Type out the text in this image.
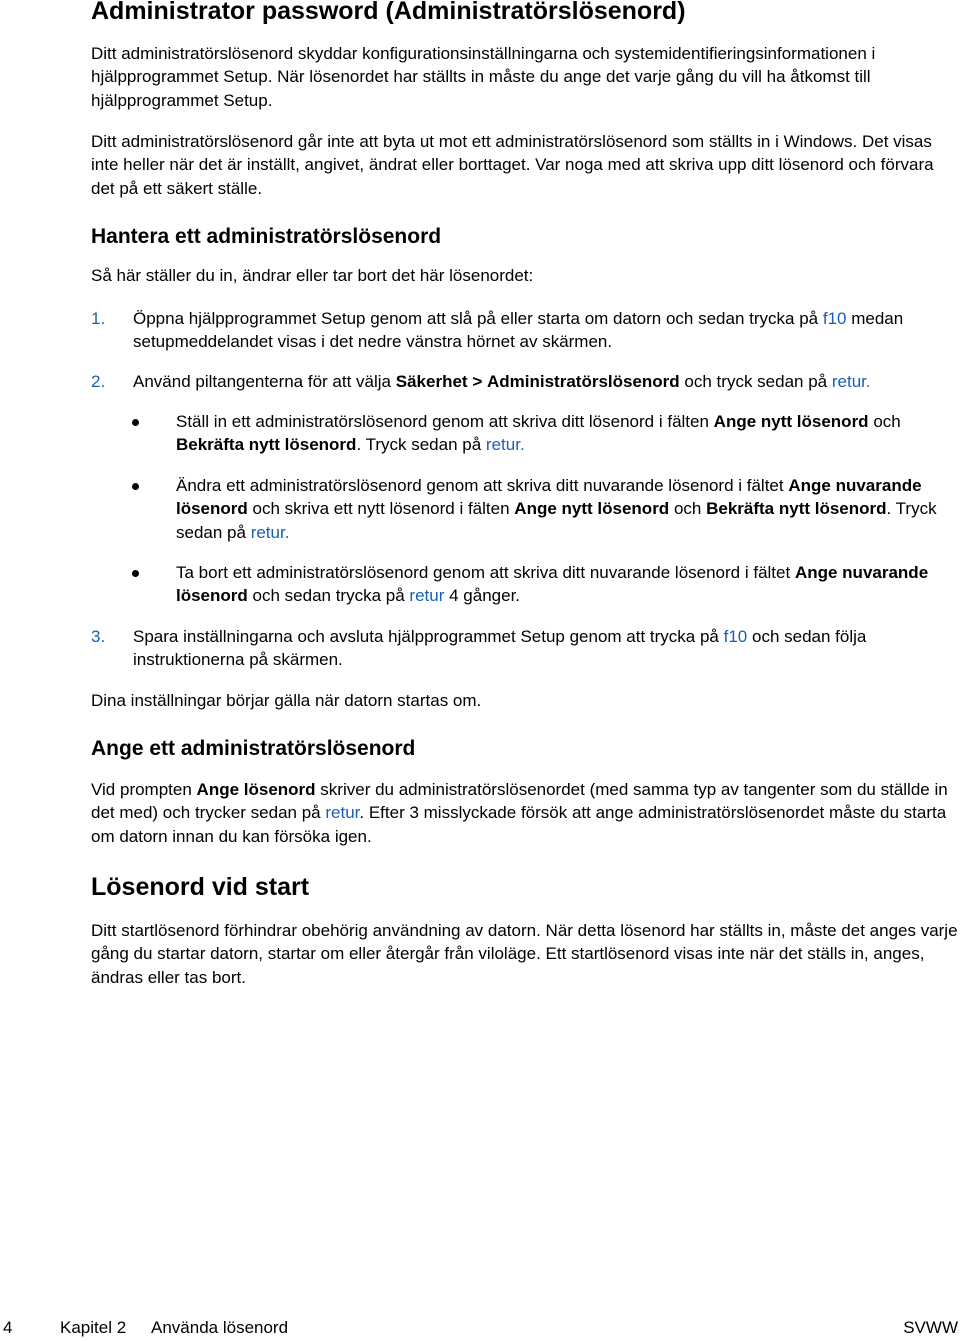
Administrator password (Administratörslösenord)

Ditt administratörslösenord skyddar konfigurationsinställningarna och systemidentifieringsinformationen i hjälpprogrammet Setup. När lösenordet har ställts in måste du ange det varje gång du vill ha åtkomst till hjälpprogrammet Setup.

Ditt administratörslösenord går inte att byta ut mot ett administratörslösenord som ställts in i Windows. Det visas inte heller när det är inställt, angivet, ändrat eller borttaget. Var noga med att skriva upp ditt lösenord och förvara det på ett säkert ställe.

Hantera ett administratörslösenord

Så här ställer du in, ändrar eller tar bort det här lösenordet:

1. Öppna hjälpprogrammet Setup genom att slå på eller starta om datorn och sedan trycka på f10 medan setupmeddelandet visas i det nedre vänstra hörnet av skärmen.
2. Använd piltangenterna för att välja Säkerhet > Administratörslösenord och tryck sedan på retur.
Ställ in ett administratörslösenord genom att skriva ditt lösenord i fälten Ange nytt lösenord och Bekräfta nytt lösenord. Tryck sedan på retur.
Ändra ett administratörslösenord genom att skriva ditt nuvarande lösenord i fältet Ange nuvarande lösenord och skriva ett nytt lösenord i fälten Ange nytt lösenord och Bekräfta nytt lösenord. Tryck sedan på retur.
Ta bort ett administratörslösenord genom att skriva ditt nuvarande lösenord i fältet Ange nuvarande lösenord och sedan trycka på retur 4 gånger.
3. Spara inställningarna och avsluta hjälpprogrammet Setup genom att trycka på f10 och sedan följa instruktionerna på skärmen.

Dina inställningar börjar gälla när datorn startas om.

Ange ett administratörslösenord
Vid prompten Ange lösenord skriver du administratörslösenordet (med samma typ av tangenter som du ställde in det med) och trycker sedan på retur. Efter 3 misslyckade försök att ange administratörslösenordet måste du starta om datorn innan du kan försöka igen.
Lösenord vid start

Ditt startlösenord förhindrar obehörig användning av datorn. När detta lösenord har ställts in, måste det anges varje gång du startar datorn, startar om eller återgår från viloläge. Ett startlösenord visas inte när det ställs in, anges, ändras eller tas bort.

4	Kapitel 2 Använda lösenord	SVWW
